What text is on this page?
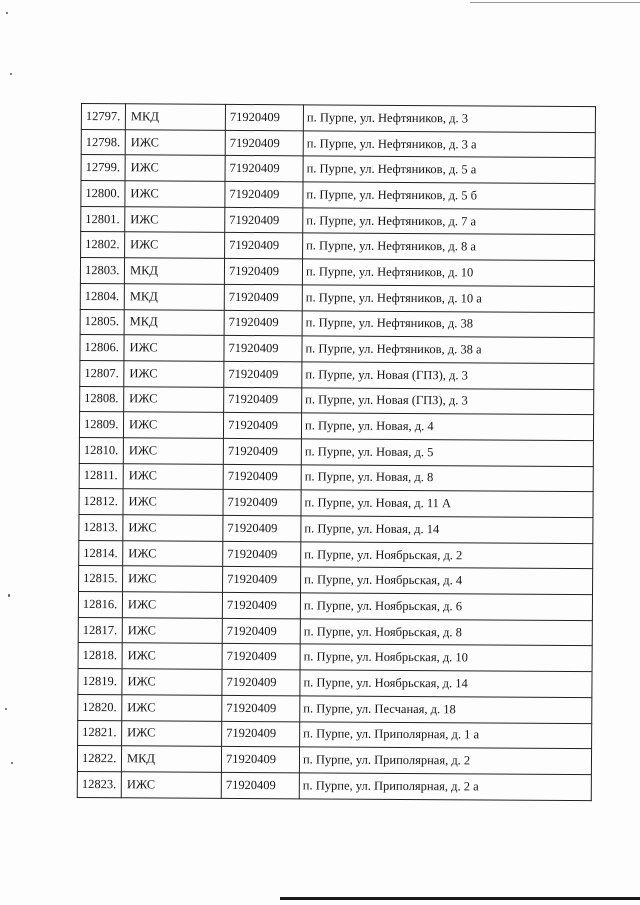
12797.	МКД	71920409	п. Пурпе, ул. Нефтяников, д. 3
12798.	ИЖС	71920409	п. Пурпе, ул. Нефтяников, д. 3 а
12799.	ИЖС	71920409	п. Пурпе, ул. Нефтяников, д. 5 а
12800.	ИЖС	71920409	п. Пурпе, ул. Нефтяников, д. 5 б
12801.	ИЖС	71920409	п. Пурпе, ул. Нефтяников, д. 7 а
12802.	ИЖС	71920409	п. Пурпе, ул. Нефтяников, д. 8 а
12803.	МКД	71920409	п. Пурпе, ул. Нефтяников, д. 10
12804.	МКД	71920409	п. Пурпе, ул. Нефтяников, д. 10 а
12805.	МКД	71920409	п. Пурпе, ул. Нефтяников, д. 38
12806.	ИЖС	71920409	п. Пурпе, ул. Нефтяников, д. 38 а
12807.	ИЖС	71920409	п. Пурпе, ул. Новая (ГПЗ), д. 3
12808.	ИЖС	71920409	п. Пурпе, ул. Новая (ГПЗ), д. 3
12809.	ИЖС	71920409	п. Пурпе, ул. Новая, д. 4
12810.	ИЖС	71920409	п. Пурпе, ул. Новая, д. 5
12811.	ИЖС	71920409	п. Пурпе, ул. Новая, д. 8
12812.	ИЖС	71920409	п. Пурпе, ул. Новая, д. 11 А
12813.	ИЖС	71920409	п. Пурпе, ул. Новая, д. 14
12814.	ИЖС	71920409	п. Пурпе, ул. Ноябрьская, д. 2
12815.	ИЖС	71920409	п. Пурпе, ул. Ноябрьская, д. 4
12816.	ИЖС	71920409	п. Пурпе, ул. Ноябрьская, д. 6
12817.	ИЖС	71920409	п. Пурпе, ул. Ноябрьская, д. 8
12818.	ИЖС	71920409	п. Пурпе, ул. Ноябрьская, д. 10
12819.	ИЖС	71920409	п. Пурпе, ул. Ноябрьская, д. 14
12820.	ИЖС	71920409	п. Пурпе, ул. Песчаная, д. 18
12821.	ИЖС	71920409	п. Пурпе, ул. Приполярная, д. 1 а
12822.	МКД	71920409	п. Пурпе, ул. Приполярная, д. 2
12823.	ИЖС	71920409	п. Пурпе, ул. Приполярная, д. 2 а
